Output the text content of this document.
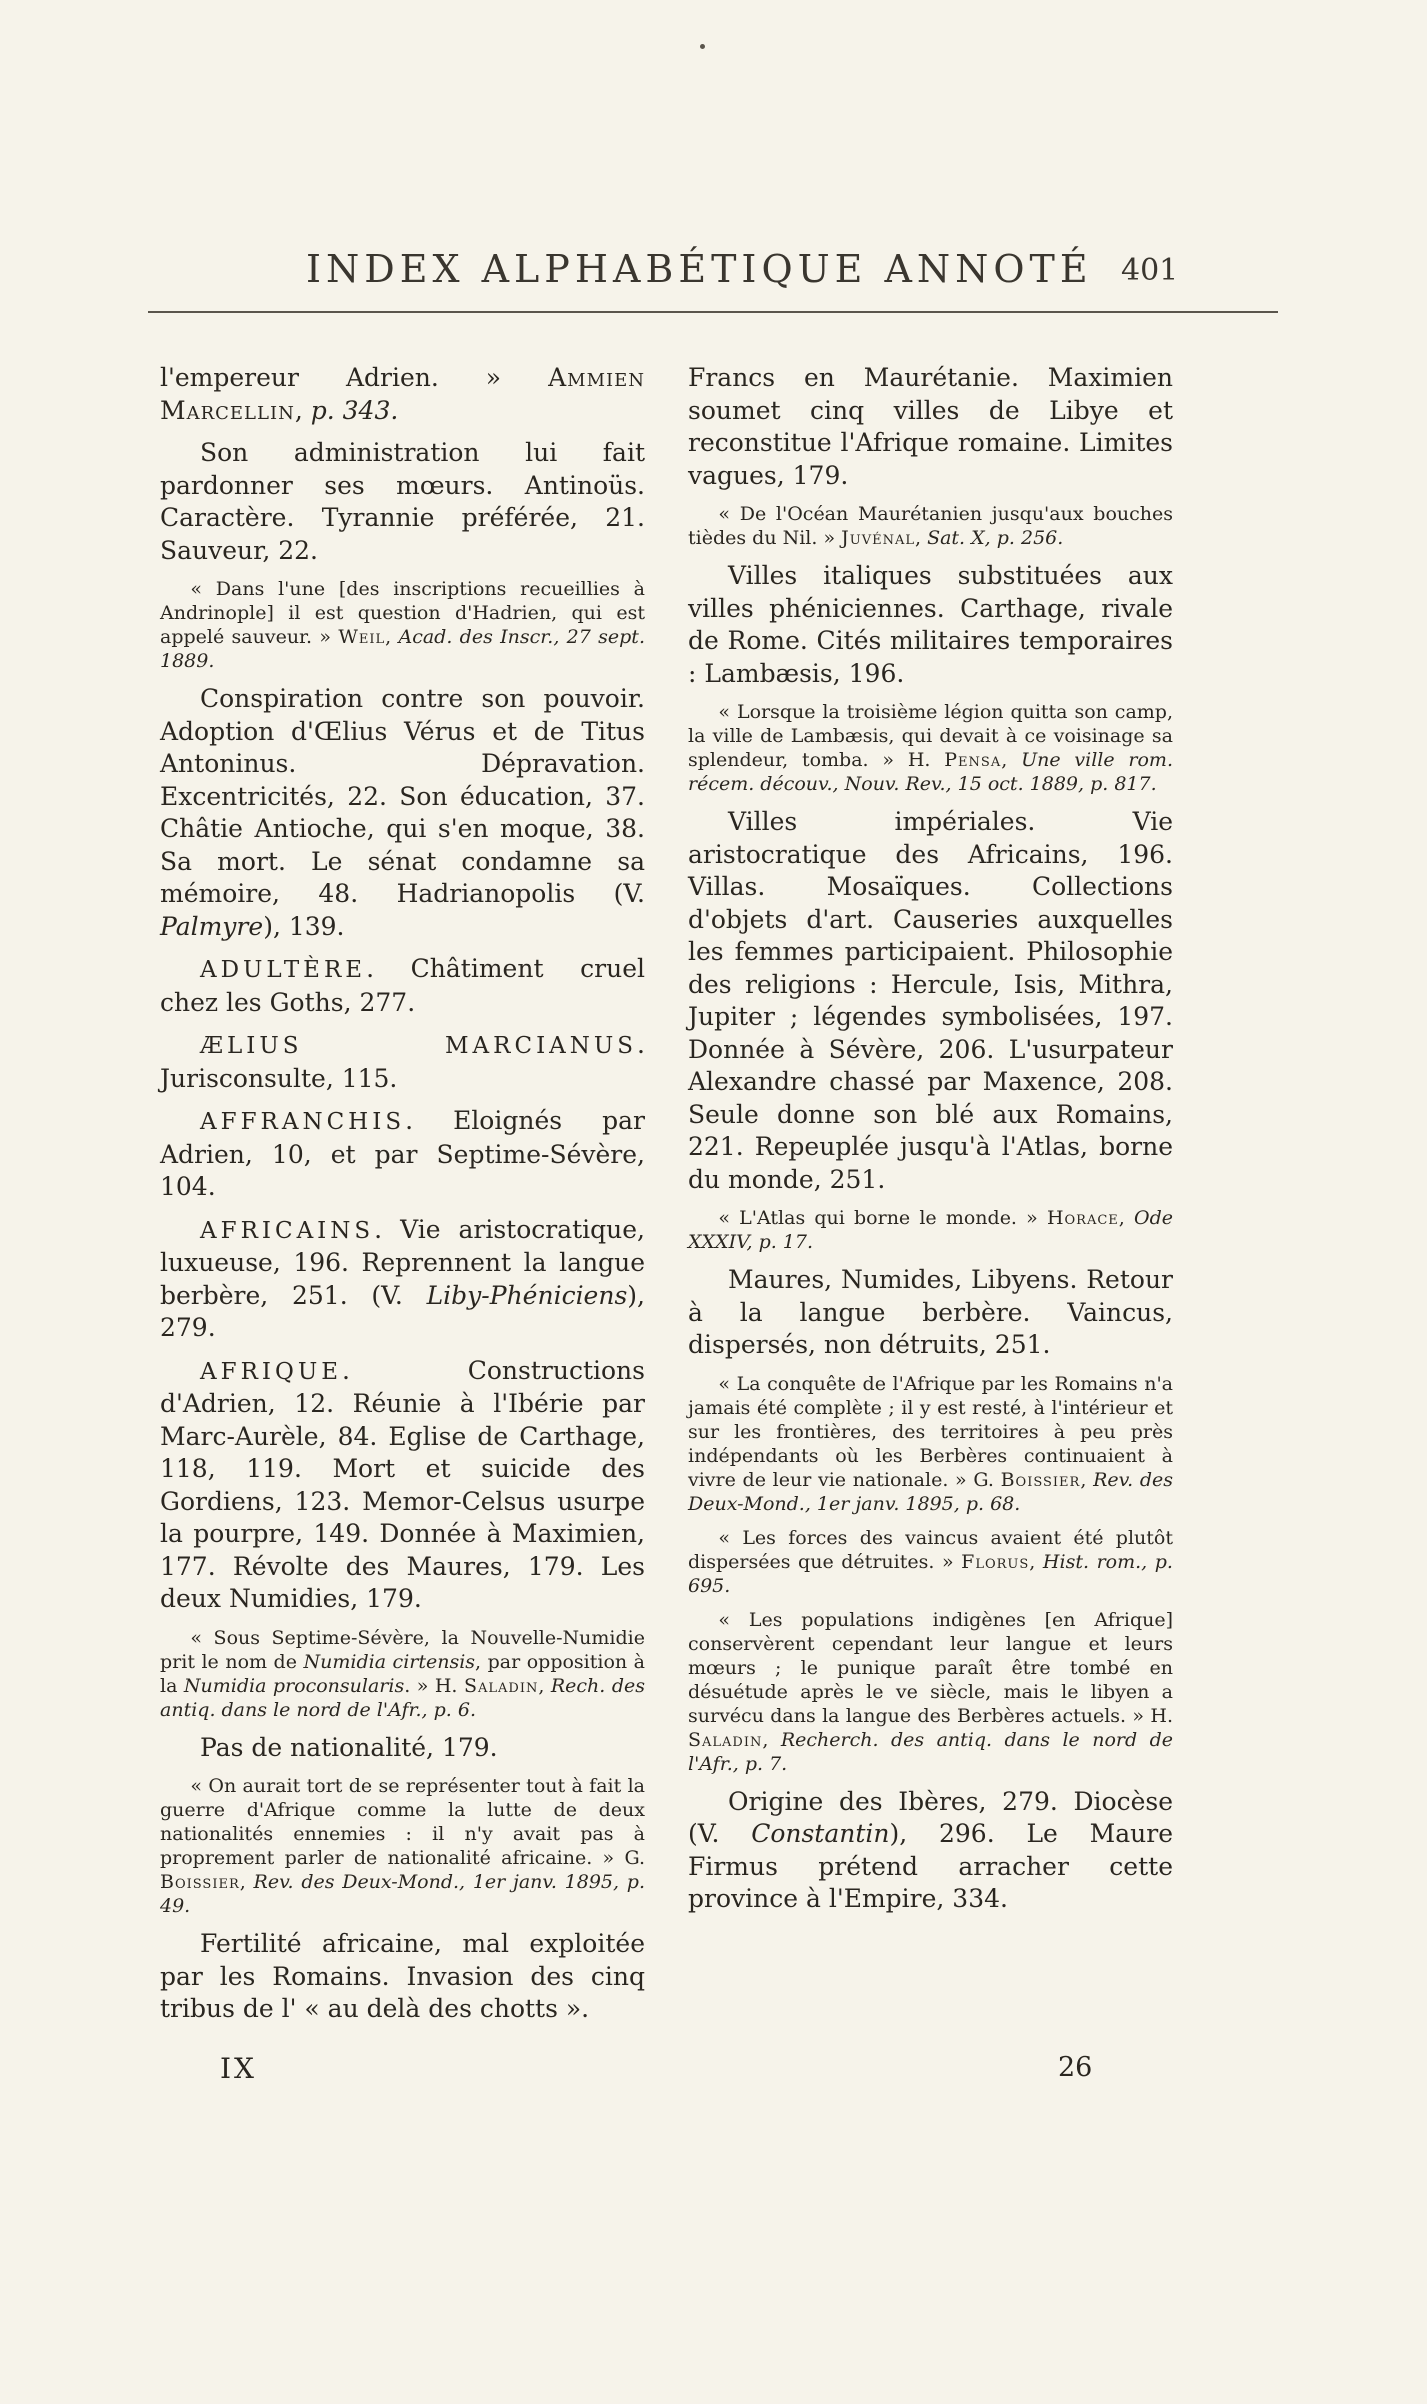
INDEX ALPHABÉTIQUE ANNOTÉ 401

l'empereur Adrien. » Ammien Marcellin, p. 343.

Son administration lui fait pardonner ses mœurs. Antinoüs. Caractère. Tyrannie préférée, 21. Sauveur, 22.

« Dans l'une [des inscriptions recueillies à Andrinople] il est question d'Hadrien, qui est appelé sauveur. » Weil, Acad. des Inscr., 27 sept. 1889.

Conspiration contre son pouvoir. Adoption d'Œlius Vérus et de Titus Antoninus. Dépravation. Excentricités, 22. Son éducation, 37. Châtie Antioche, qui s'en moque, 38. Sa mort. Le sénat condamne sa mémoire, 48. Hadrianopolis (V. Palmyre), 139.

ADULTÈRE. Châtiment cruel chez les Goths, 277.

ÆLIUS MARCIANUS. Jurisconsulte, 115.

AFFRANCHIS. Eloignés par Adrien, 10, et par Septime-Sévère, 104.

AFRICAINS. Vie aristocratique, luxueuse, 196. Reprennent la langue berbère, 251. (V. Liby-Phéniciens), 279.

AFRIQUE. Constructions d'Adrien, 12. Réunie à l'Ibérie par Marc-Aurèle, 84. Eglise de Carthage, 118, 119. Mort et suicide des Gordiens, 123. Memor-Celsus usurpe la pourpre, 149. Donnée à Maximien, 177. Révolte des Maures, 179. Les deux Numidies, 179.

« Sous Septime-Sévère, la Nouvelle-Numidie prit le nom de Numidia cirtensis, par opposition à la Numidia proconsularis. » H. Saladin, Rech. des antiq. dans le nord de l'Afr., p. 6.

Pas de nationalité, 179.

« On aurait tort de se représenter tout à fait la guerre d'Afrique comme la lutte de deux nationalités ennemies : il n'y avait pas à proprement parler de nationalité africaine. » G. Boissier, Rev. des Deux-Mond., 1er janv. 1895, p. 49.

Fertilité africaine, mal exploitée par les Romains. Invasion des cinq tribus de l' « au delà des chotts ».

Francs en Maurétanie. Maximien soumet cinq villes de Libye et reconstitue l'Afrique romaine. Limites vagues, 179.

« De l'Océan Maurétanien jusqu'aux bouches tièdes du Nil. » Juvénal, Sat. X, p. 256.

Villes italiques substituées aux villes phéniciennes. Carthage, rivale de Rome. Cités militaires temporaires : Lambæsis, 196.

« Lorsque la troisième légion quitta son camp, la ville de Lambæsis, qui devait à ce voisinage sa splendeur, tomba. » H. Pensa, Une ville rom. récem. découv., Nouv. Rev., 15 oct. 1889, p. 817.

Villes impériales. Vie aristocratique des Africains, 196. Villas. Mosaïques. Collections d'objets d'art. Causeries auxquelles les femmes participaient. Philosophie des religions : Hercule, Isis, Mithra, Jupiter ; légendes symbolisées, 197. Donnée à Sévère, 206. L'usurpateur Alexandre chassé par Maxence, 208. Seule donne son blé aux Romains, 221. Repeuplée jusqu'à l'Atlas, borne du monde, 251.

« L'Atlas qui borne le monde. » Horace, Ode XXXIV, p. 17.

Maures, Numides, Libyens. Retour à la langue berbère. Vaincus, dispersés, non détruits, 251.

« La conquête de l'Afrique par les Romains n'a jamais été complète ; il y est resté, à l'intérieur et sur les frontières, des territoires à peu près indépendants où les Berbères continuaient à vivre de leur vie nationale. » G. Boissier, Rev. des Deux-Mond., 1er janv. 1895, p. 68.

« Les forces des vaincus avaient été plutôt dispersées que détruites. » Florus, Hist. rom., p. 695.

« Les populations indigènes [en Afrique] conservèrent cependant leur langue et leurs mœurs ; le punique paraît être tombé en désuétude après le ve siècle, mais le libyen a survécu dans la langue des Berbères actuels. » H. Saladin, Recherch. des antiq. dans le nord de l'Afr., p. 7.

Origine des Ibères, 279. Diocèse (V. Constantin), 296. Le Maure Firmus prétend arracher cette province à l'Empire, 334.

IX	26
